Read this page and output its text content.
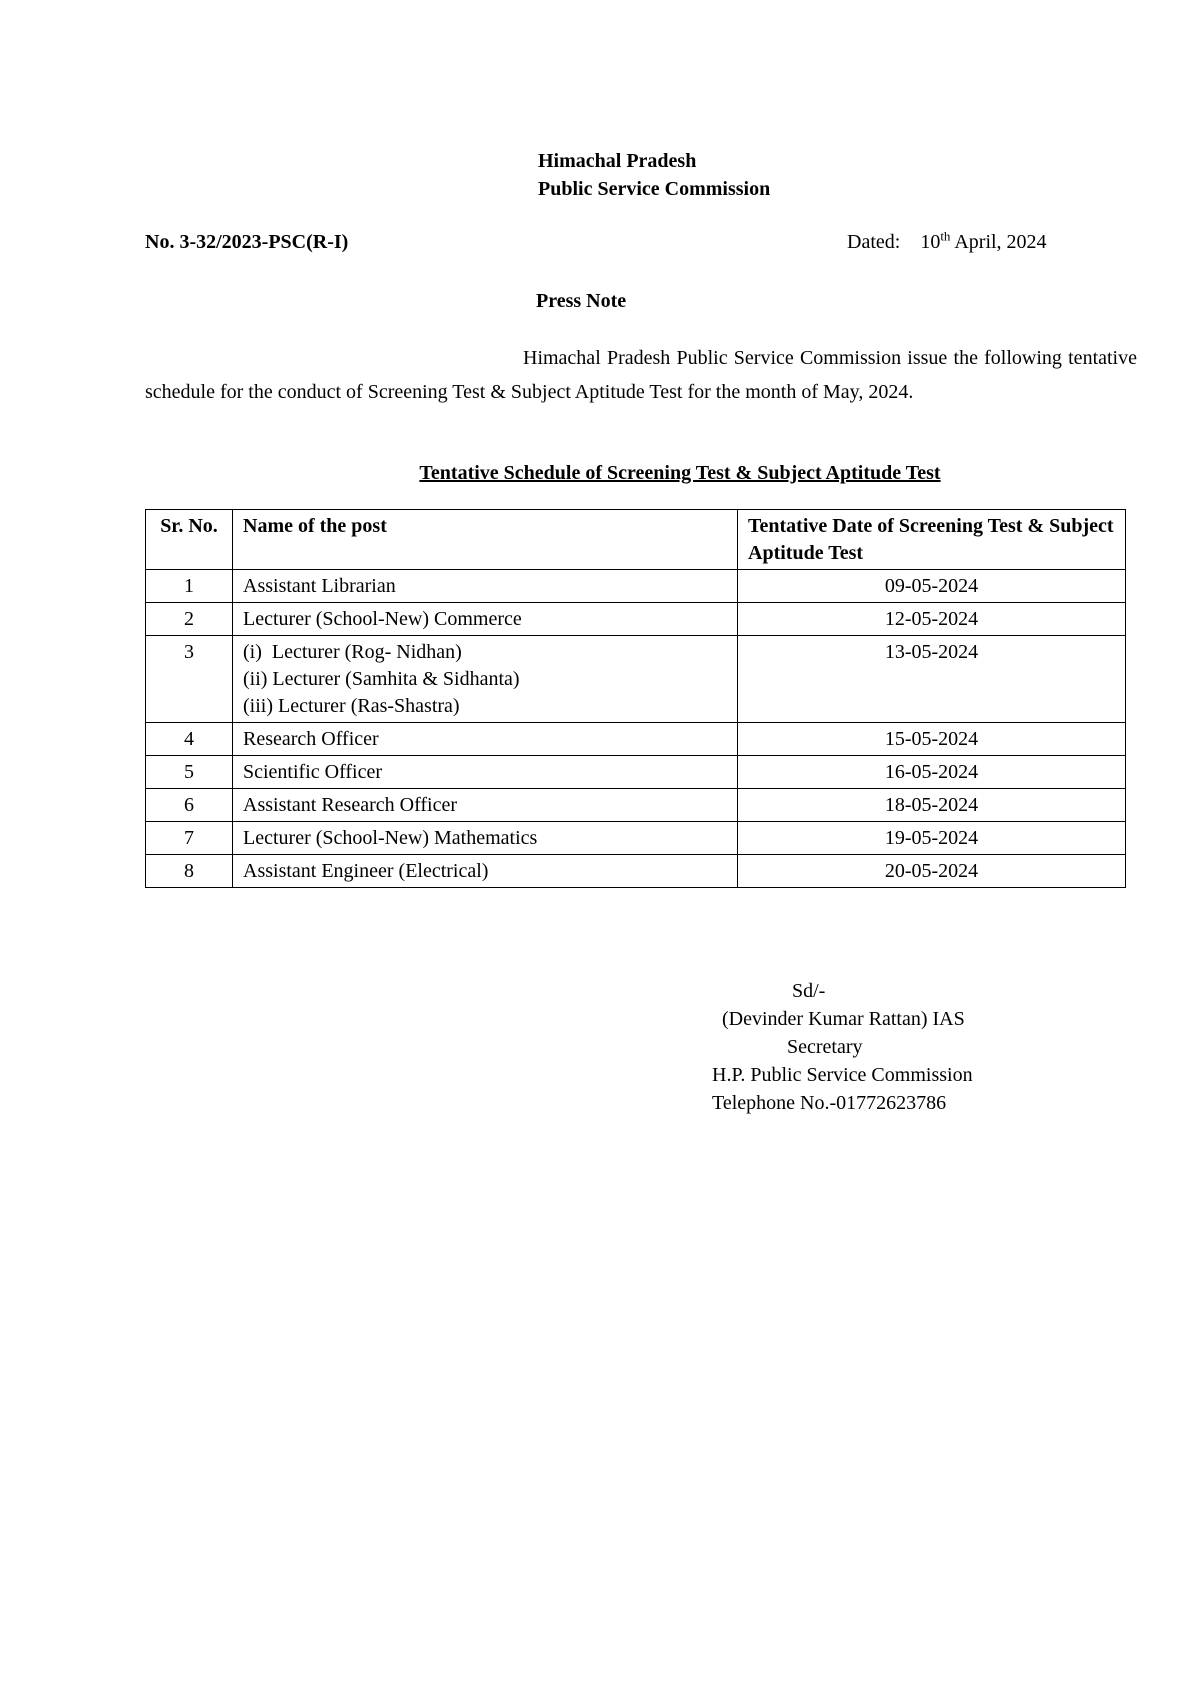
Himachal Pradesh
Public Service Commission
No. 3-32/2023-PSC(R-I)	Dated: 10th April, 2024
Press Note

Himachal Pradesh Public Service Commission issue the following tentative schedule for the conduct of Screening Test & Subject Aptitude Test for the month of May, 2024.

Tentative Schedule of Screening Test & Subject Aptitude Test
Sr. No.	Name of the post	Tentative Date of Screening Test & Subject Aptitude Test
1	Assistant Librarian	09-05-2024
2	Lecturer (School-New) Commerce	12-05-2024
3	(i)  Lecturer (Rog- Nidhan)
(ii) Lecturer (Samhita & Sidhanta)
(iii) Lecturer (Ras-Shastra)	13-05-2024
4	Research Officer	15-05-2024
5	Scientific Officer	16-05-2024
6	Assistant Research Officer	18-05-2024
7	Lecturer (School-New) Mathematics	19-05-2024
8	Assistant Engineer (Electrical)	20-05-2024
Sd/-
(Devinder Kumar Rattan) IAS
Secretary
H.P. Public Service Commission
Telephone No.-01772623786
